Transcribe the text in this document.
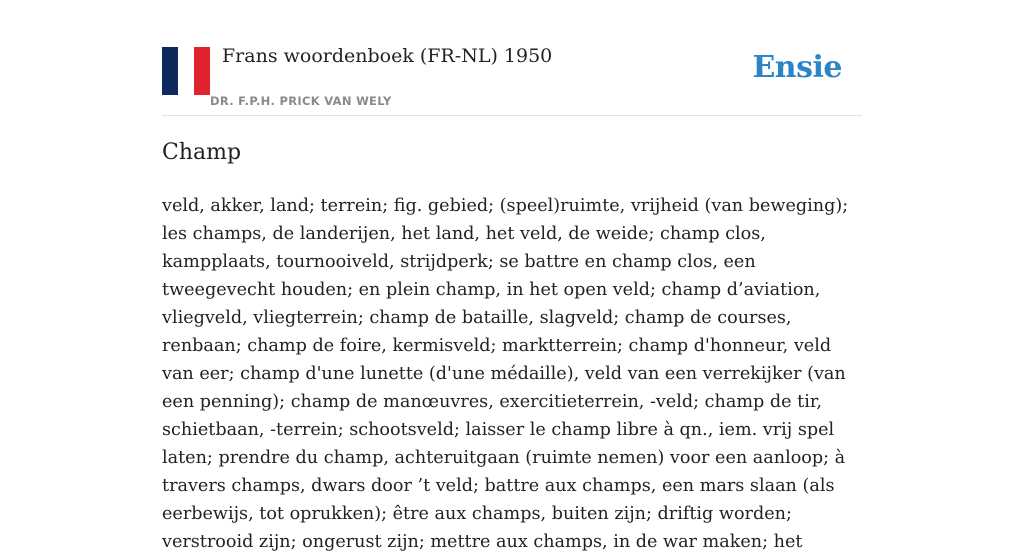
Frans woordenboek (FR-NL) 1950
DR. F.P.H. PRICK VAN WELY
Ensie
Champ

veld, akker, land; terrein; fig. gebied; (speel)ruimte, vrijheid (van beweging); les champs, de landerijen, het land, het veld, de weide; champ clos, kampplaats, tournooiveld, strijdperk; se battre en champ clos, een tweegevecht houden; en plein champ, in het open veld; champ d’aviation, vliegveld, vliegterrein; champ de bataille, slagveld; champ de courses, renbaan; champ de foire, kermisveld; marktterrein; champ d'honneur, veld van eer; champ d'une lunette (d'une médaille), veld van een verrekijker (van een penning); champ de manœuvres, exercitieterrein, -veld; champ de tir, schietbaan, -terrein; schootsveld; laisser le champ libre à qn., iem. vrij spel laten; prendre du champ, achteruitgaan (ruimte nemen) voor een aanloop; à travers champs, dwars door ’t veld; battre aux champs, een mars slaan (als eerbewijs, tot oprukken); être aux champs, buiten zijn; driftig worden; verstrooid zijn; ongerust zijn; mettre aux champs, in de war maken; het
